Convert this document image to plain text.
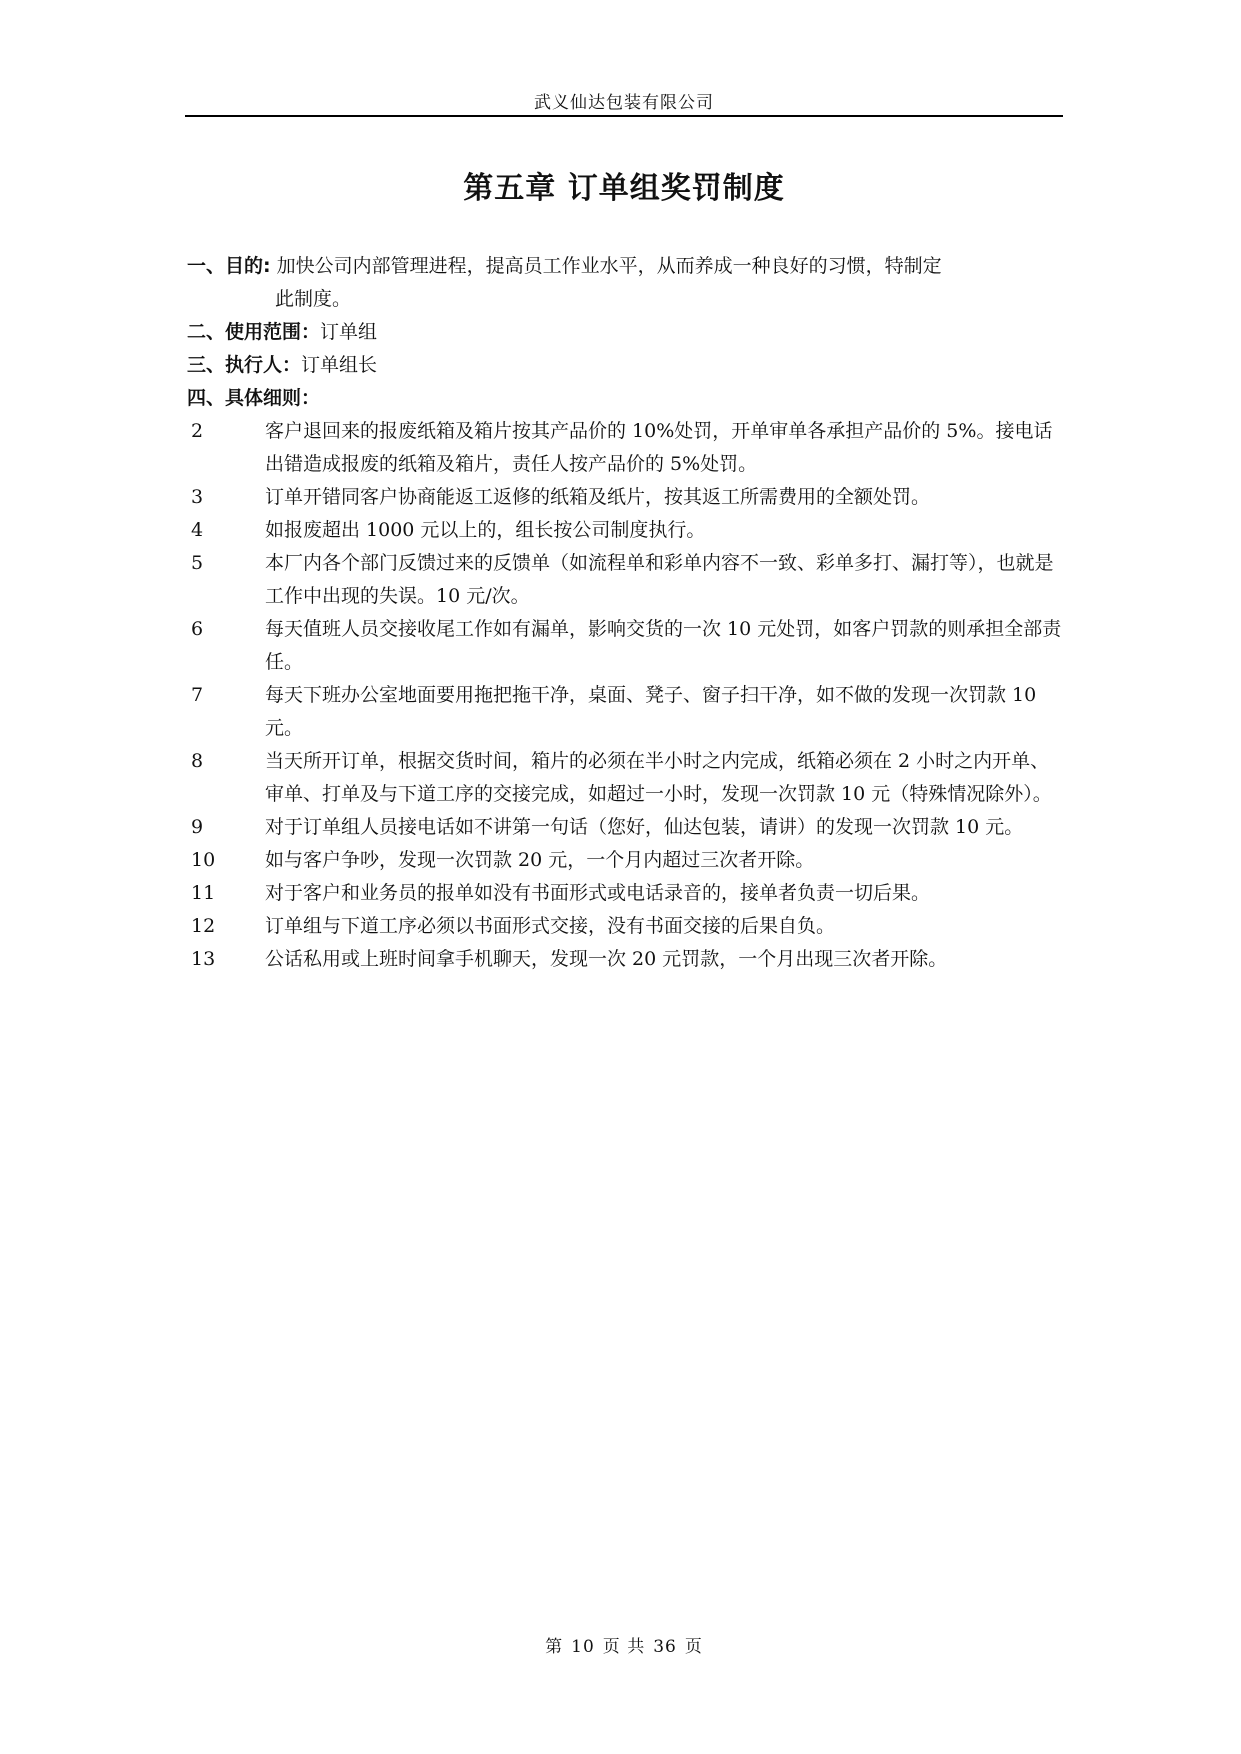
武义仙达包装有限公司
第五章 订单组奖罚制度
一、目的: 加快公司内部管理进程，提高员工作业水平，从而养成一种良好的习惯，特制定
此制度。
二、使用范围：订单组
三、执行人：订单组长
四、具体细则：
2	客户退回来的报废纸箱及箱片按其产品价的 10%处罚，开单审单各承担产品价的 5%。接电话出错造成报废的纸箱及箱片，责任人按产品价的 5%处罚。
3	订单开错同客户协商能返工返修的纸箱及纸片，按其返工所需费用的全额处罚。
4	如报废超出 1000 元以上的，组长按公司制度执行。
5	本厂内各个部门反馈过来的反馈单（如流程单和彩单内容不一致、彩单多打、漏打等），也就是工作中出现的失误。10 元/次。
6	每天值班人员交接收尾工作如有漏单，影响交货的一次 10 元处罚，如客户罚款的则承担全部责任。
7	每天下班办公室地面要用拖把拖干净，桌面、凳子、窗子扫干净，如不做的发现一次罚款 10 元。
8	当天所开订单，根据交货时间，箱片的必须在半小时之内完成，纸箱必须在 2 小时之内开单、审单、打单及与下道工序的交接完成，如超过一小时，发现一次罚款 10 元（特殊情况除外）。
9	对于订单组人员接电话如不讲第一句话（您好，仙达包装，请讲）的发现一次罚款 10 元。
10	如与客户争吵，发现一次罚款 20 元，一个月内超过三次者开除。
11	对于客户和业务员的报单如没有书面形式或电话录音的，接单者负责一切后果。
12	订单组与下道工序必须以书面形式交接，没有书面交接的后果自负。
13	公话私用或上班时间拿手机聊天，发现一次 20 元罚款，一个月出现三次者开除。
第 10 页 共 36 页
